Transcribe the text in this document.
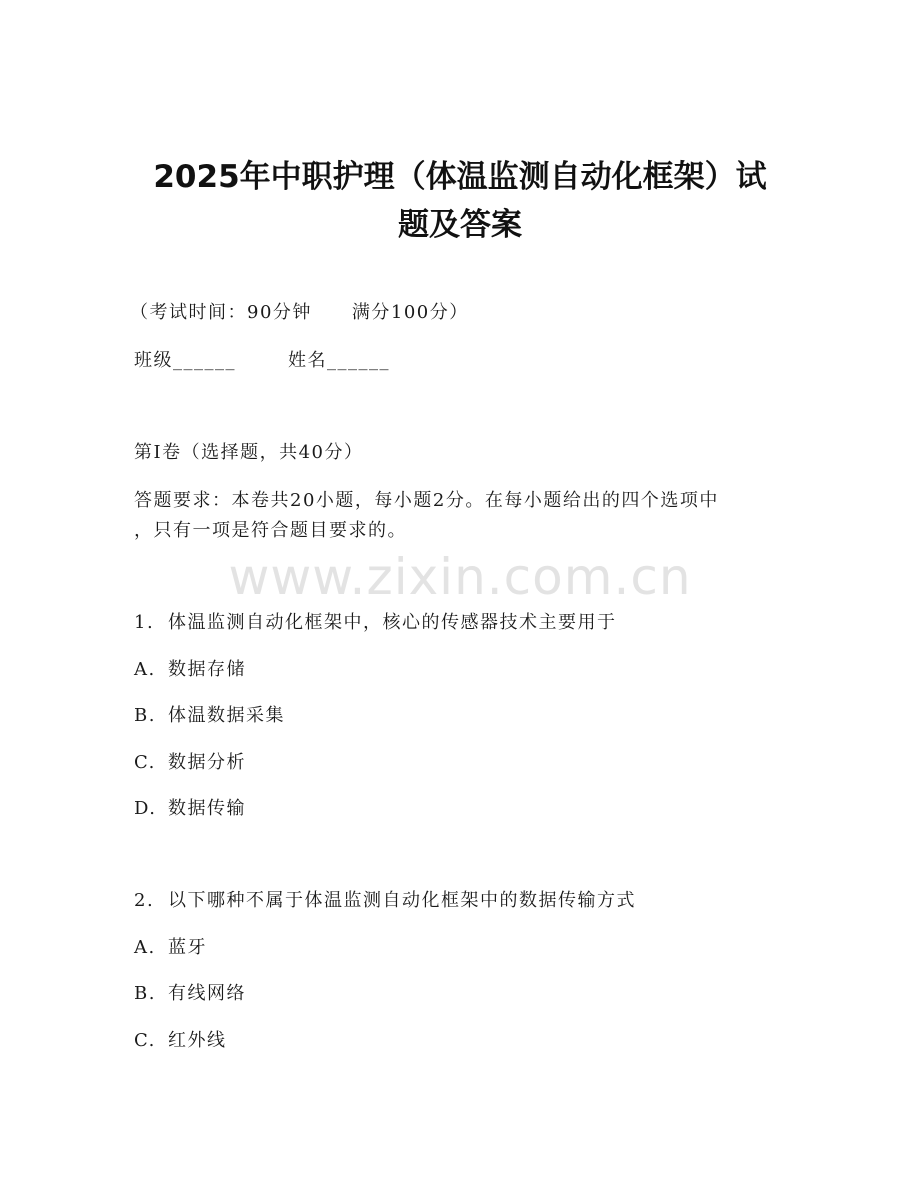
www.zixin.com.cn
2025年中职护理（体温监测自动化框架）试
题及答案
（考试时间：90分钟 满分100分）
班级______	姓名______
第I卷（选择题，共40分）
答题要求：本卷共20小题，每小题2分。在每小题给出的四个选项中
，只有一项是符合题目要求的。
1. 体温监测自动化框架中，核心的传感器技术主要用于
A. 数据存储
B. 体温数据采集
C. 数据分析
D. 数据传输
2. 以下哪种不属于体温监测自动化框架中的数据传输方式
A. 蓝牙
B. 有线网络
C. 红外线
